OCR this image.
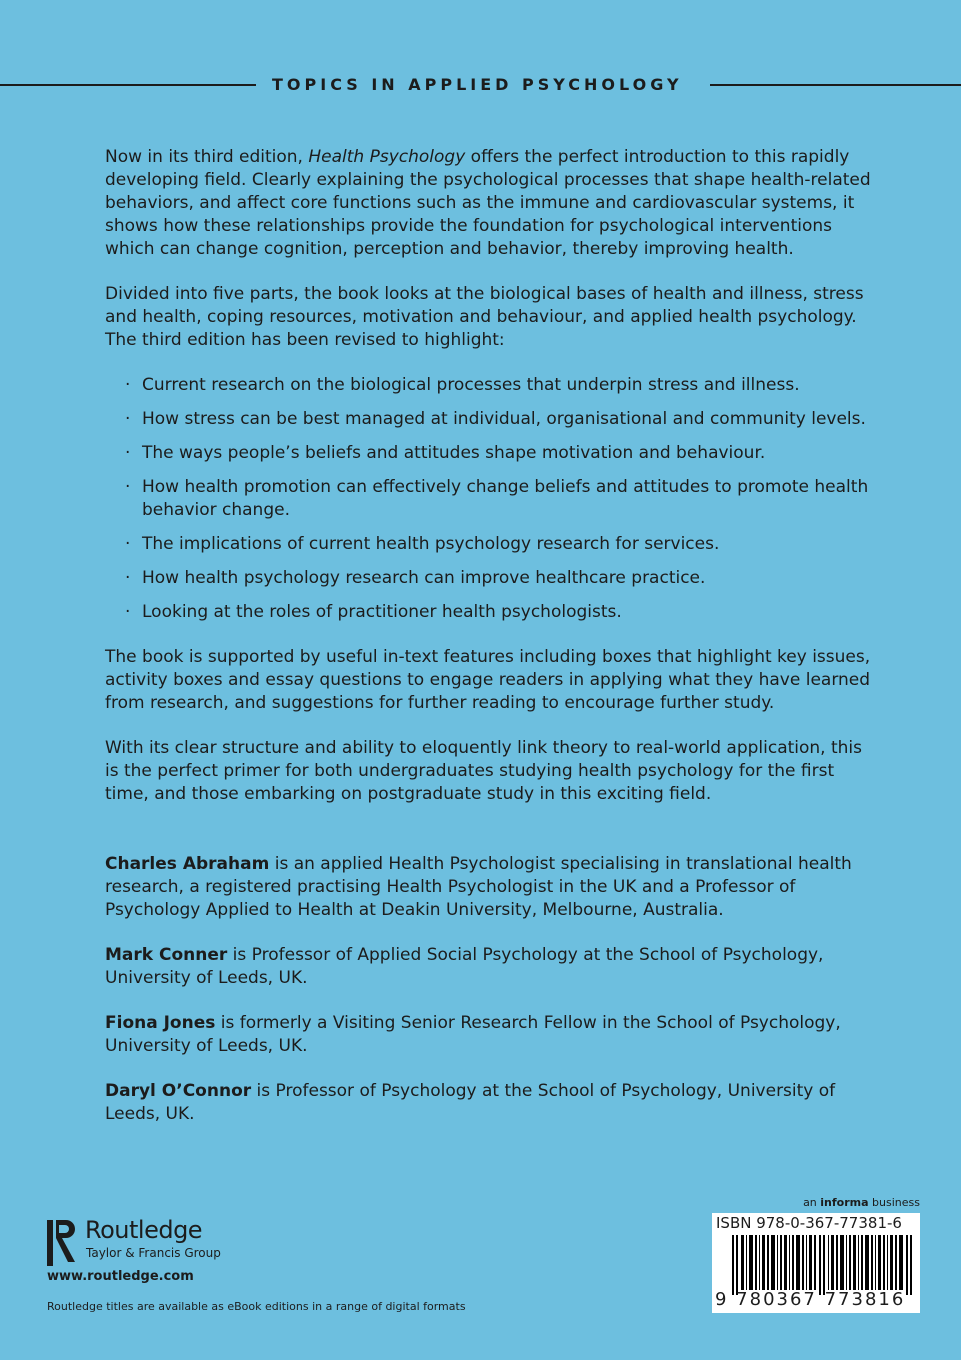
TOPICS IN APPLIED PSYCHOLOGY

Now in its third edition, Health Psychology offers the perfect introduction to this rapidly developing field. Clearly explaining the psychological processes that shape health-related behaviors, and affect core functions such as the immune and cardiovascular systems, it shows how these relationships provide the foundation for psychological interventions which can change cognition, perception and behavior, thereby improving health.

Divided into five parts, the book looks at the biological bases of health and illness, stress and health, coping resources, motivation and behaviour, and applied health psychology. The third edition has been revised to highlight:

· Current research on the biological processes that underpin stress and illness.
· How stress can be best managed at individual, organisational and community levels.
· The ways people’s beliefs and attitudes shape motivation and behaviour.
· How health promotion can effectively change beliefs and attitudes to promote health behavior change.
· The implications of current health psychology research for services.
· How health psychology research can improve healthcare practice.
· Looking at the roles of practitioner health psychologists.

The book is supported by useful in-text features including boxes that highlight key issues, activity boxes and essay questions to engage readers in applying what they have learned from research, and suggestions for further reading to encourage further study.

With its clear structure and ability to eloquently link theory to real-world application, this is the perfect primer for both undergraduates studying health psychology for the first time, and those embarking on postgraduate study in this exciting field.

Charles Abraham is an applied Health Psychologist specialising in translational health research, a registered practising Health Psychologist in the UK and a Professor of Psychology Applied to Health at Deakin University, Melbourne, Australia.

Mark Conner is Professor of Applied Social Psychology at the School of Psychology, University of Leeds, UK.

Fiona Jones is formerly a Visiting Senior Research Fellow in the School of Psychology, University of Leeds, UK.

Daryl O’Connor is Professor of Psychology at the School of Psychology, University of Leeds, UK.

Routledge
Taylor & Francis Group
www.routledge.com
Routledge titles are available as eBook editions in a range of digital formats
an informa business
ISBN 978-0-367-77381-6
9 780367 773816
